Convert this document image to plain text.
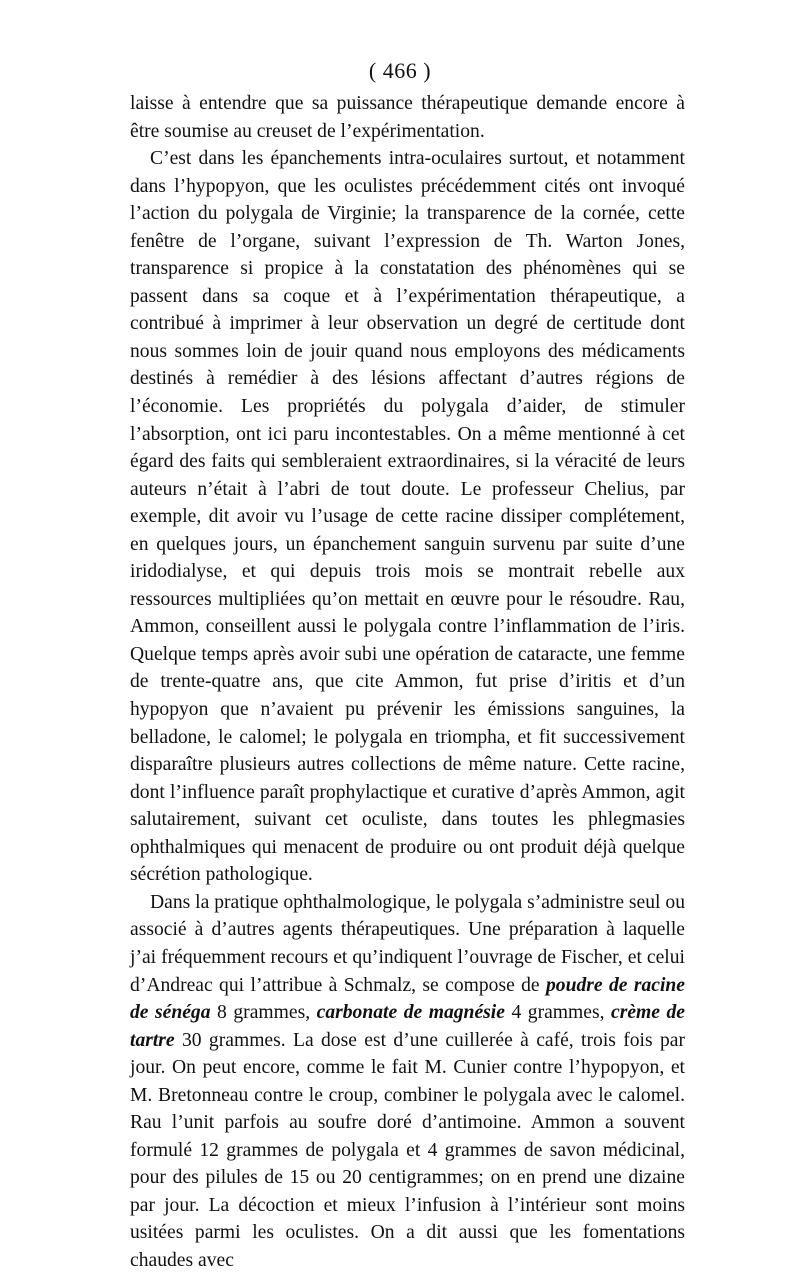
( 466 )

laisse à entendre que sa puissance thérapeutique demande encore à être soumise au creuset de l’expérimentation.

C’est dans les épanchements intra-oculaires surtout, et notamment dans l’hypopyon, que les oculistes précédemment cités ont invoqué l’action du polygala de Virginie; la transparence de la cornée, cette fenêtre de l’organe, suivant l’expression de Th. Warton Jones, transparence si propice à la constatation des phénomènes qui se passent dans sa coque et à l’expérimentation thérapeutique, a contribué à imprimer à leur observation un degré de certitude dont nous sommes loin de jouir quand nous employons des médicaments destinés à remédier à des lésions affectant d’autres régions de l’économie. Les propriétés du polygala d’aider, de stimuler l’absorption, ont ici paru incontestables. On a même mentionné à cet égard des faits qui sembleraient extraordinaires, si la véracité de leurs auteurs n’était à l’abri de tout doute. Le professeur Chelius, par exemple, dit avoir vu l’usage de cette racine dissiper complétement, en quelques jours, un épanchement sanguin survenu par suite d’une iridodialyse, et qui depuis trois mois se montrait rebelle aux ressources multipliées qu’on mettait en œuvre pour le résoudre. Rau, Ammon, conseillent aussi le polygala contre l’inflammation de l’iris. Quelque temps après avoir subi une opération de cataracte, une femme de trente-quatre ans, que cite Ammon, fut prise d’iritis et d’un hypopyon que n’avaient pu prévenir les émissions sanguines, la belladone, le calomel; le polygala en triompha, et fit successivement disparaître plusieurs autres collections de même nature. Cette racine, dont l’influence paraît prophylactique et curative d’après Ammon, agit salutairement, suivant cet oculiste, dans toutes les phlegmasies ophthalmiques qui menacent de produire ou ont produit déjà quelque sécrétion pathologique.

Dans la pratique ophthalmologique, le polygala s’administre seul ou associé à d’autres agents thérapeutiques. Une préparation à laquelle j’ai fréquemment recours et qu’indiquent l’ouvrage de Fischer, et celui d’Andreac qui l’attribue à Schmalz, se compose de poudre de racine de sénéga 8 grammes, carbonate de magnésie 4 grammes, crème de tartre 30 grammes. La dose est d’une cuillerée à café, trois fois par jour. On peut encore, comme le fait M. Cunier contre l’hypopyon, et M. Bretonneau contre le croup, combiner le polygala avec le calomel. Rau l’unit parfois au soufre doré d’antimoine. Ammon a souvent formulé 12 grammes de polygala et 4 grammes de savon médicinal, pour des pilules de 15 ou 20 centigrammes; on en prend une dizaine par jour. La décoction et mieux l’infusion à l’intérieur sont moins usitées parmi les oculistes. On a dit aussi que les fomentations chaudes avec
